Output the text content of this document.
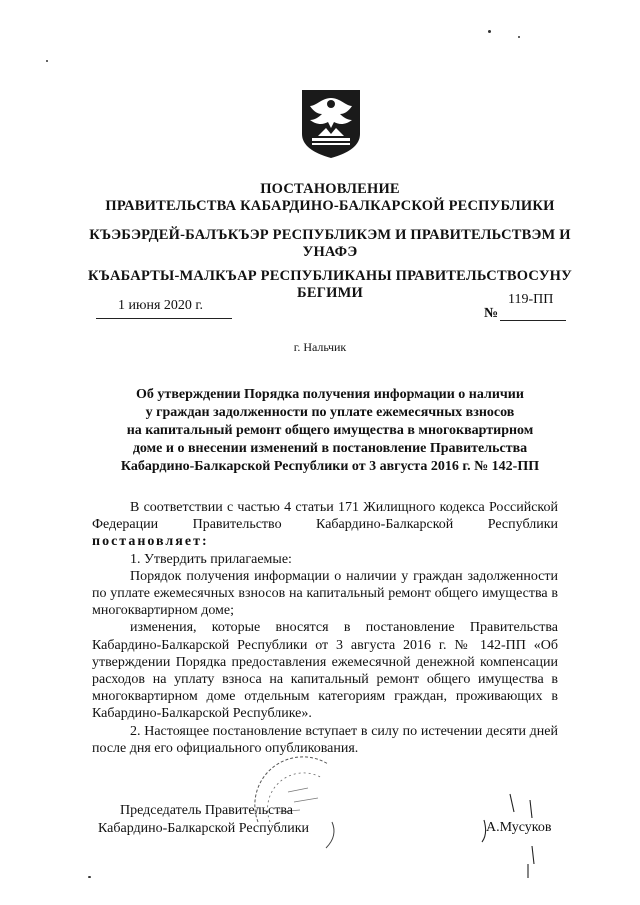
ПОСТАНОВЛЕНИЕ
ПРАВИТЕЛЬСТВА КАБАРДИНО-БАЛКАРСКОЙ РЕСПУБЛИКИ
КЪЭБЭРДЕЙ-БАЛЪКЪЭР РЕСПУБЛИКЭМ И ПРАВИТЕЛЬСТВЭМ И
УНАФЭ
КЪАБАРТЫ-МАЛКЪАР РЕСПУБЛИКАНЫ ПРАВИТЕЛЬСТВОСУНУ
БЕГИМИ
1 июня 2020 г.
№
119-ПП
г. Нальчик
Об утверждении Порядка получения информации о наличии
у граждан задолженности по уплате ежемесячных взносов
на капитальный ремонт общего имущества в многоквартирном
доме и о внесении изменений в постановление Правительства
Кабардино-Балкарской Республики от 3 августа 2016 г. № 142-ПП

В соответствии с частью 4 статьи 171 Жилищного кодекса Российской Федерации Правительство Кабардино-Балкарской Республики постановляет:

1. Утвердить прилагаемые:

Порядок получения информации о наличии у граждан задолженности по уплате ежемесячных взносов на капитальный ремонт общего имущества в многоквартирном доме;

изменения, которые вносятся в постановление Правительства Кабардино-Балкарской Республики от 3 августа 2016 г. № 142-ПП «Об утверждении Порядка предоставления ежемесячной денежной компенсации расходов на уплату взноса на капитальный ремонт общего имущества в многоквартирном доме отдельным категориям граждан, проживающих в Кабардино-Балкарской Республике».

2. Настоящее постановление вступает в силу по истечении десяти дней после дня его официального опубликования.

Председатель Правительства
Кабардино-Балкарской Республики	А.Мусуков
